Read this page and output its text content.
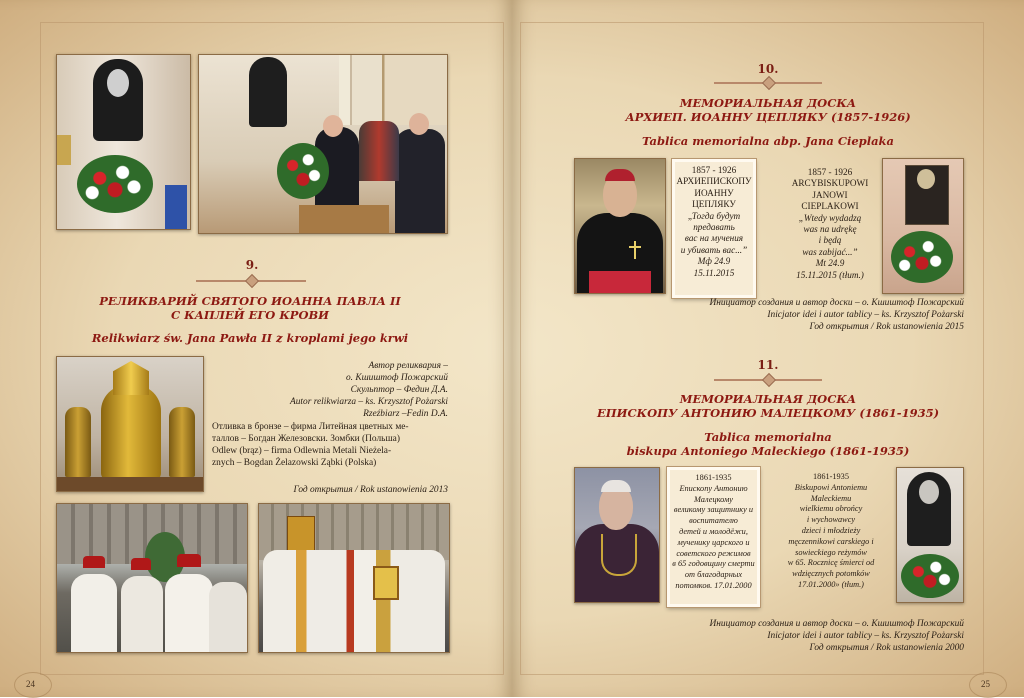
9.
РЕЛИКВАРИЙ СВЯТОГО ИОАННА ПАВЛА II
С КАПЛЕЙ ЕГО КРОВИ
Relikwiarz św. Jana Pawła II z kroplami jego krwi
Автор реликвария –
о. Кшиштоф Пожарский
Скульптор – Федин Д.А.
Autor relikwiarza – ks. Krzysztof Pożarski
Rzeźbiarz –Fedin D.A.
Отливка в бронзе – фирма Литейная цветных ме-
таллов – Богдан Железовски. Зомбки (Польша)
Odlew (brąz) – firma Odlewnia Metali Nieżela-
znych – Bogdan Żelazowski Ząbki (Polska)
Год открытия / Rok ustanowienia 2013
24
10.
МЕМОРИАЛЬНАЯ ДОСКА
АРХИЕП. ИОАННУ ЦЕПЛЯКУ (1857-1926)
Tablica memorialna abp. Jana Cieplaka
1857 - 1926
АРХИЕПИСКОПУ
ИОАННУ
ЦЕПЛЯКУ
„Тогда будут
предавать
вас на мучения
и убивать вас...”
Мф 24.9
15.11.2015
1857 - 1926
ARCYBISKUPOWI
JANOWI
CIEPLAKOWI
„Wtedy wydadzą
was na udrękę
i będą
was zabijać...”
Mt 24.9
15.11.2015 (tłum.)
Инициатор создания и автор доски – о. Кшиштоф Пожарский
Inicjator idei i autor tablicy – ks. Krzysztof Pożarski
Год открытия / Rok ustanowienia 2015
11.
МЕМОРИАЛЬНАЯ ДОСКА
ЕПИСКОПУ АНТОНИЮ МАЛЕЦКОМУ (1861-1935)
Tablica memorialna
biskupa Antoniego Maleckiego (1861-1935)
1861-1935
Епископу Антонию
Малецкому
великому защитнику и
воспитателю
детей и молодёжи,
мученику царского и
советского режимов
в 65 годовщину смерти
от благодарных
потомков. 17.01.2000
1861-1935
Biskupowi Antoniemu
Maleckiemu
wielkiemu obrońcy
i wychowawcy
dzieci i młodzieży
męczennikowi carskiego i
sowieckiego reżymów
w 65. Rocznicę śmierci od
wdzięcznych potomków
17.01.2000» (tłum.)
Инициатор создания и автор доски – о. Кшиштоф Пожарский
Inicjator idei i autor tablicy – ks. Krzysztof Pożarski
Год открытия / Rok ustanowienia 2000
25
